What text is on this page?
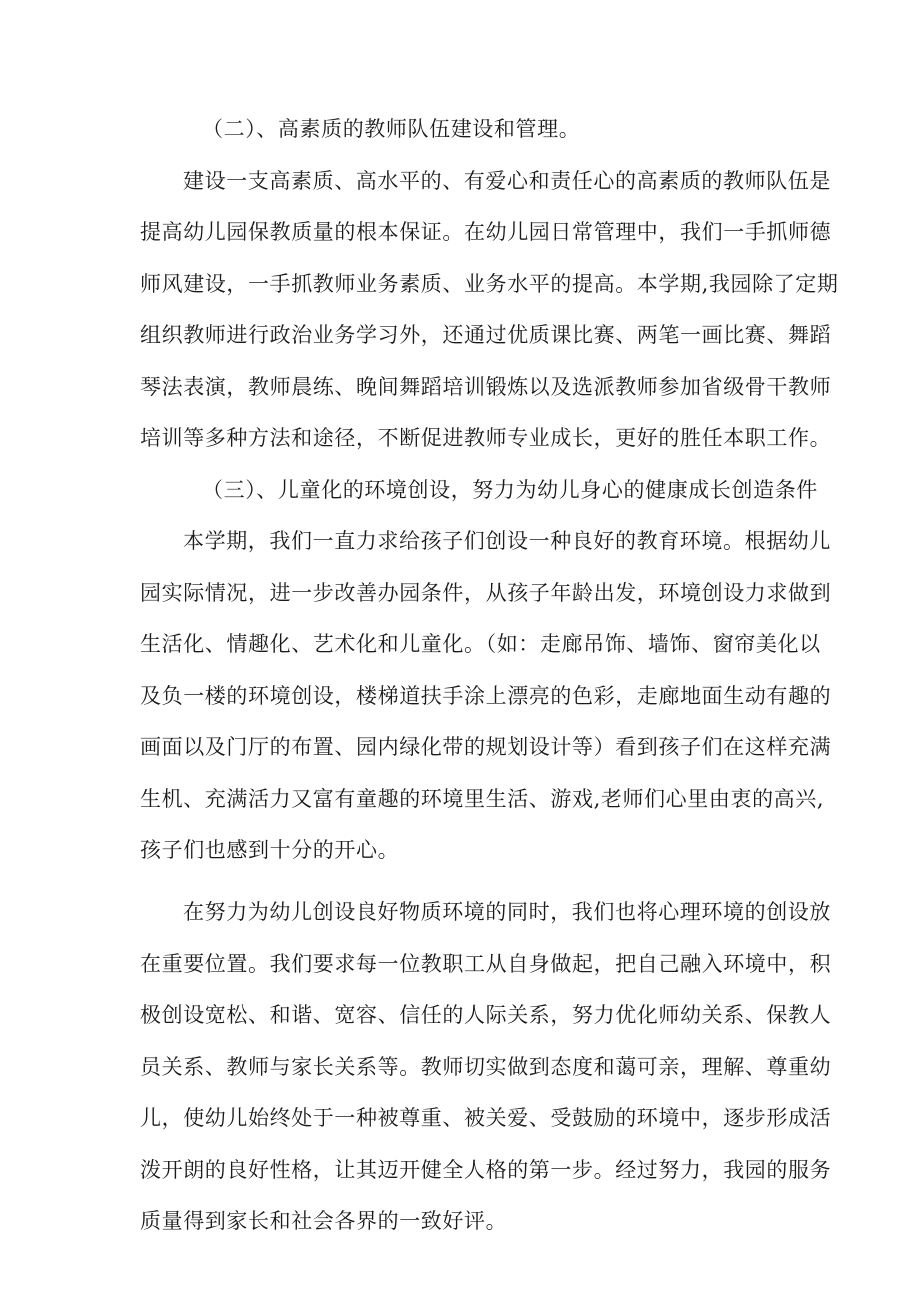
（二）、高素质的教师队伍建设和管理。
建设一支高素质、高水平的、有爱心和责任心的高素质的教师队伍是
提高幼儿园保教质量的根本保证。在幼儿园日常管理中，我们一手抓师德
师风建设，一手抓教师业务素质、业务水平的提高。本学期,我园除了定期
组织教师进行政治业务学习外，还通过优质课比赛、两笔一画比赛、舞蹈
琴法表演，教师晨练、晚间舞蹈培训锻炼以及选派教师参加省级骨干教师
培训等多种方法和途径，不断促进教师专业成长，更好的胜任本职工作。
（三）、儿童化的环境创设，努力为幼儿身心的健康成长创造条件
本学期，我们一直力求给孩子们创设一种良好的教育环境。根据幼儿
园实际情况，进一步改善办园条件，从孩子年龄出发，环境创设力求做到
生活化、情趣化、艺术化和儿童化。（如：走廊吊饰、墙饰、窗帘美化以
及负一楼的环境创设，楼梯道扶手涂上漂亮的色彩，走廊地面生动有趣的
画面以及门厅的布置、园内绿化带的规划设计等）看到孩子们在这样充满
生机、充满活力又富有童趣的环境里生活、游戏,老师们心里由衷的高兴,
孩子们也感到十分的开心。
在努力为幼儿创设良好物质环境的同时，我们也将心理环境的创设放
在重要位置。我们要求每一位教职工从自身做起，把自己融入环境中，积
极创设宽松、和谐、宽容、信任的人际关系，努力优化师幼关系、保教人
员关系、教师与家长关系等。教师切实做到态度和蔼可亲，理解、尊重幼
儿，使幼儿始终处于一种被尊重、被关爱、受鼓励的环境中，逐步形成活
泼开朗的良好性格，让其迈开健全人格的第一步。经过努力，我园的服务
质量得到家长和社会各界的一致好评。
